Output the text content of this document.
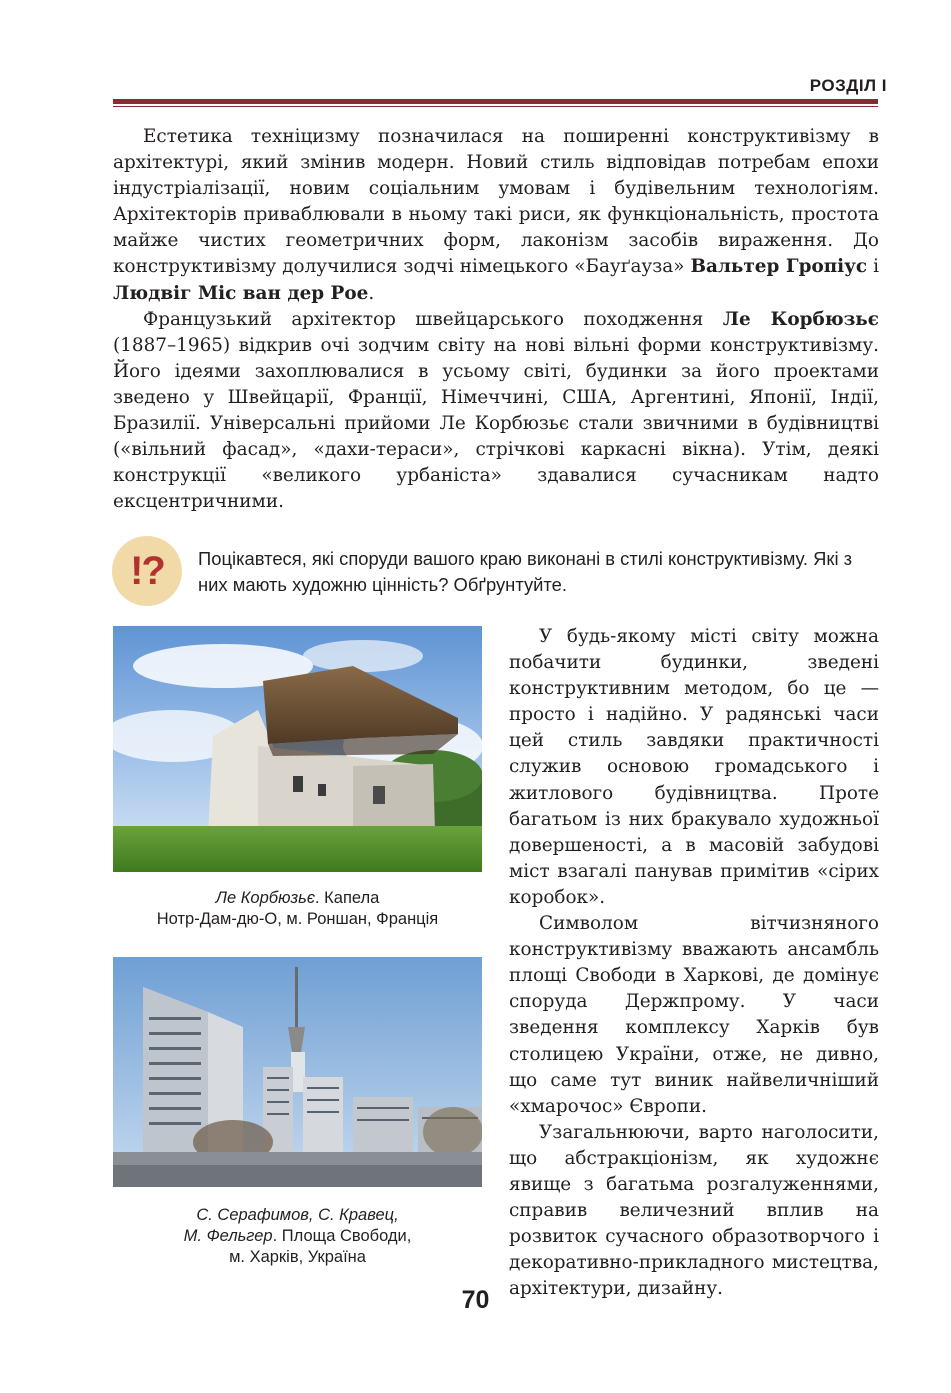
РОЗДІЛ І

Естетика техніцизму позначилася на поширенні конструктивізму в архітектурі, який змінив модерн. Новий стиль відповідав потребам епохи індустріалізації, новим соціальним умовам і будівельним технологіям. Архітекторів приваблювали в ньому такі риси, як функціональність, простота майже чистих геометричних форм, лаконізм засобів вираження. До конструктивізму долучилися зодчі німецького «Бауґауза» Вальтер Гропіус і Людвіг Міс ван дер Рое.

Французький архітектор швейцарського походження Ле Корбюзьє (1887–1965) відкрив очі зодчим світу на нові вільні форми конструктивізму. Його ідеями захоплювалися в усьому світі, будинки за його проектами зведено у Швейцарії, Франції, Німеччині, США, Аргентині, Японії, Індії, Бразилії. Універсальні прийоми Ле Корбюзьє стали звичними в будівництві («вільний фасад», «дахи-тераси», стрічкові каркасні вікна). Утім, деякі конструкції «великого урбаніста» здавалися сучасникам надто ексцентричними.

!? Поцікавтеся, які споруди вашого краю виконані в стилі конструктивізму. Які з них мають художню цінність? Обґрунтуйте.
Ле Корбюзьє. Капела
Нотр-Дам-дю-О, м. Роншан, Франція
С. Серафимов, С. Кравец,
М. Фельгер. Площа Свободи,
м. Харків, Україна

У будь-якому місті світу можна побачити будинки, зведені конструктивним методом, бо це — просто і надійно. У радянські часи цей стиль завдяки практичності служив основою громадського і житлового будівництва. Проте багатьом із них бракувало художньої довершеності, а в масовій забудові міст взагалі панував примітив «сірих коробок».

Символом вітчизняного конструктивізму вважають ансамбль площі Свободи в Харкові, де домінує споруда Держпрому. У часи зведення комплексу Харків був столицею України, отже, не дивно, що саме тут виник найвеличніший «хмарочос» Європи.

Узагальнюючи, варто наголосити, що абстракціонізм, як художнє явище з багатьма розгалуженнями, справив величезний вплив на розвиток сучасного образотворчого і декоративно-прикладного мистецтва, архітектури, дизайну.

70
